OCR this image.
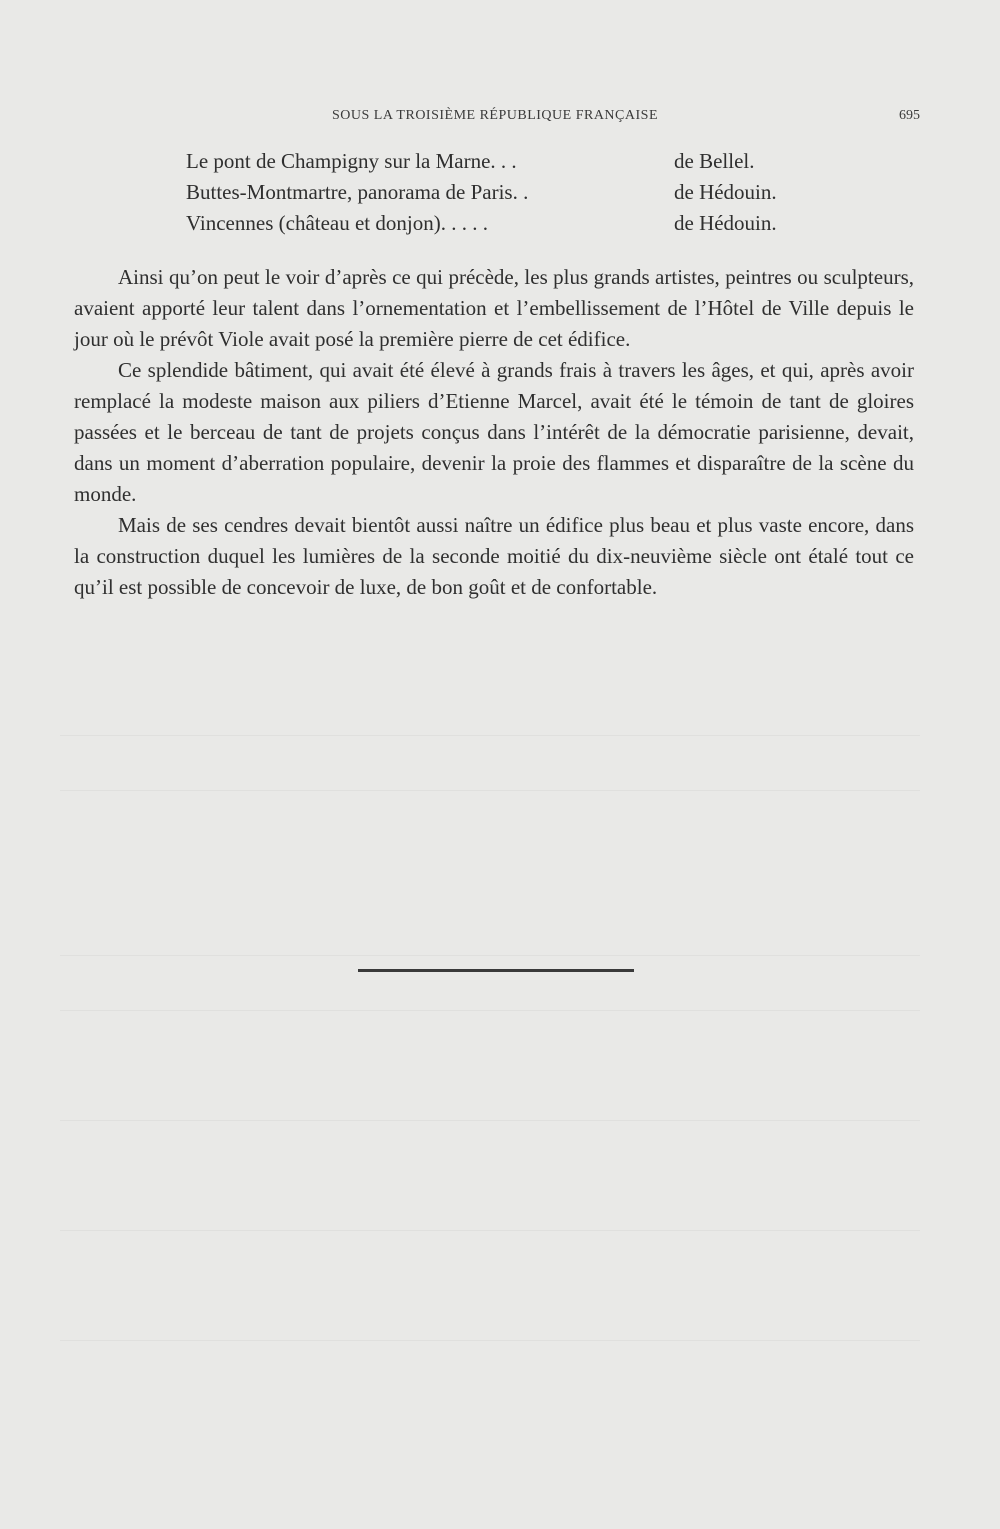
SOUS LA TROISIÈME RÉPUBLIQUE FRANÇAISE	695
Le pont de Champigny sur la Marne. . .	de Bellel.
Buttes-Montmartre, panorama de Paris. .	de Hédouin.
Vincennes (château et donjon). . . . .	de Hédouin.

Ainsi qu’on peut le voir d’après ce qui précède, les plus grands artistes, peintres ou sculpteurs, avaient apporté leur talent dans l’ornementation et l’embellissement de l’Hôtel de Ville depuis le jour où le prévôt Viole avait posé la première pierre de cet édifice.

Ce splendide bâtiment, qui avait été élevé à grands frais à travers les âges, et qui, après avoir remplacé la modeste maison aux piliers d’Etienne Marcel, avait été le témoin de tant de gloires passées et le berceau de tant de projets conçus dans l’intérêt de la démocratie parisienne, devait, dans un moment d’aberration populaire, devenir la proie des flammes et disparaître de la scène du monde.

Mais de ses cendres devait bientôt aussi naître un édifice plus beau et plus vaste encore, dans la construction duquel les lumières de la seconde moitié du dix-neuvième siècle ont étalé tout ce qu’il est possible de concevoir de luxe, de bon goût et de confortable.
